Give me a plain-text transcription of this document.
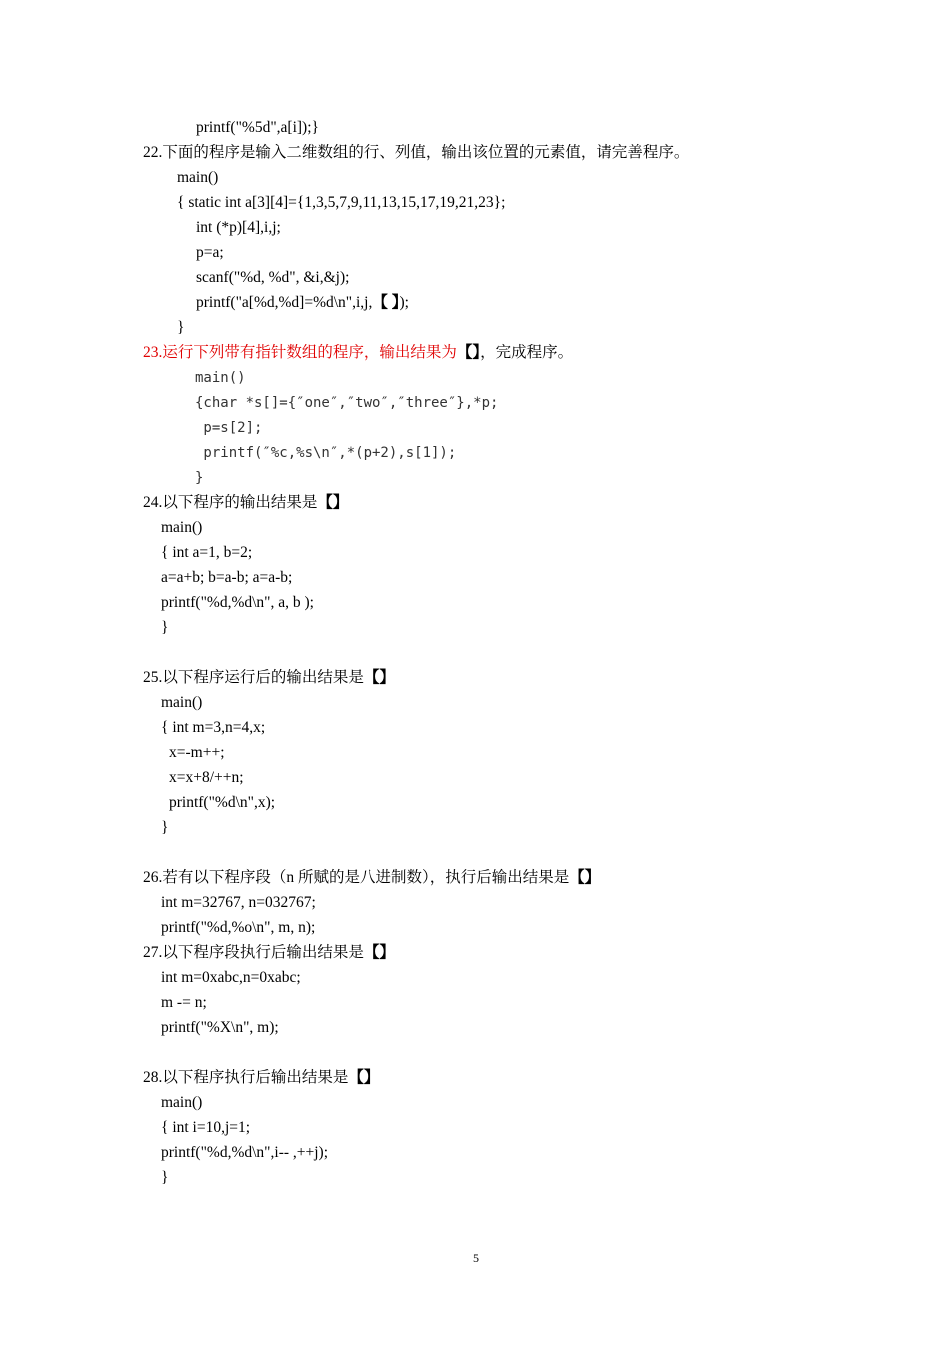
printf("%5d",a[i]);}
22.下面的程序是输入二维数组的行、列值，输出该位置的元素值，请完善程序。
main()
{ static int a[3][4]={1,3,5,7,9,11,13,15,17,19,21,23};
int (*p)[4],i,j;
p=a;
scanf("%d, %d", &i,&j);
printf("a[%d,%d]=%d\n",i,j,【 】);
}
23.运行下列带有指针数组的程序，输出结果为【】，完成程序。
main()
{char *s[]={″one″,″two″,″three″},*p;
p=s[2];
printf(″%c,%s\n″,*(p+2),s[1]);
}
24.以下程序的输出结果是【】
main()
{ int a=1, b=2;
a=a+b; b=a-b; a=a-b;
printf("%d,%d\n", a, b );
}
25.以下程序运行后的输出结果是【】
main()
{ int m=3,n=4,x;
x=-m++;
x=x+8/++n;
printf("%d\n",x);
}
26.若有以下程序段（n 所赋的是八进制数），执行后输出结果是【】
int m=32767, n=032767;
printf("%d,%o\n", m, n);
27.以下程序段执行后输出结果是【】
int m=0xabc,n=0xabc;
m -= n;
printf("%X\n", m);
28.以下程序执行后输出结果是【】
main()
{ int i=10,j=1;
printf("%d,%d\n",i-- ,++j);
}
5
